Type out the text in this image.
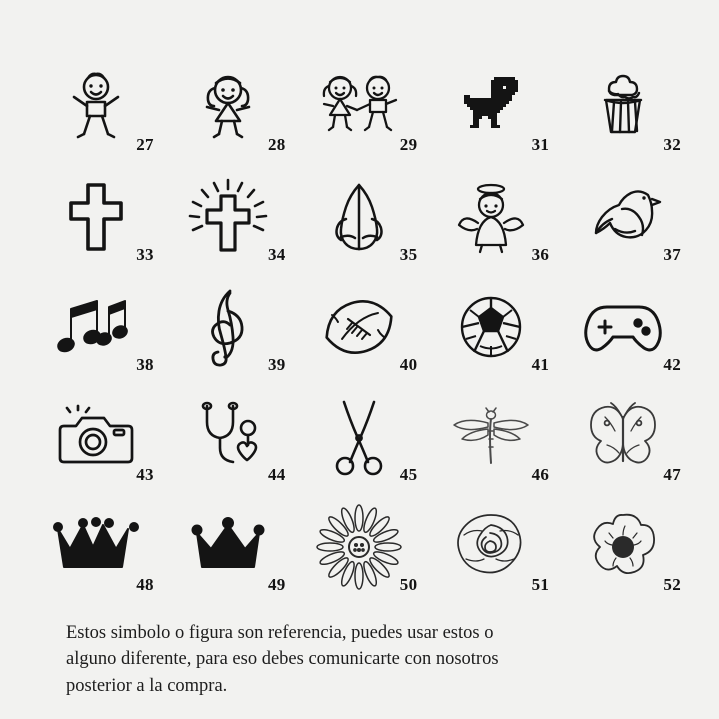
27	28	29	31	32
33	34	35	36	37
38	39	40	41	42
43	44	45	46	47
48	49	50	51	52
Estos simbolo o figura son referencia, puedes usar estos o
alguno diferente, para eso debes comunicarte con nosotros
posterior a la compra.
